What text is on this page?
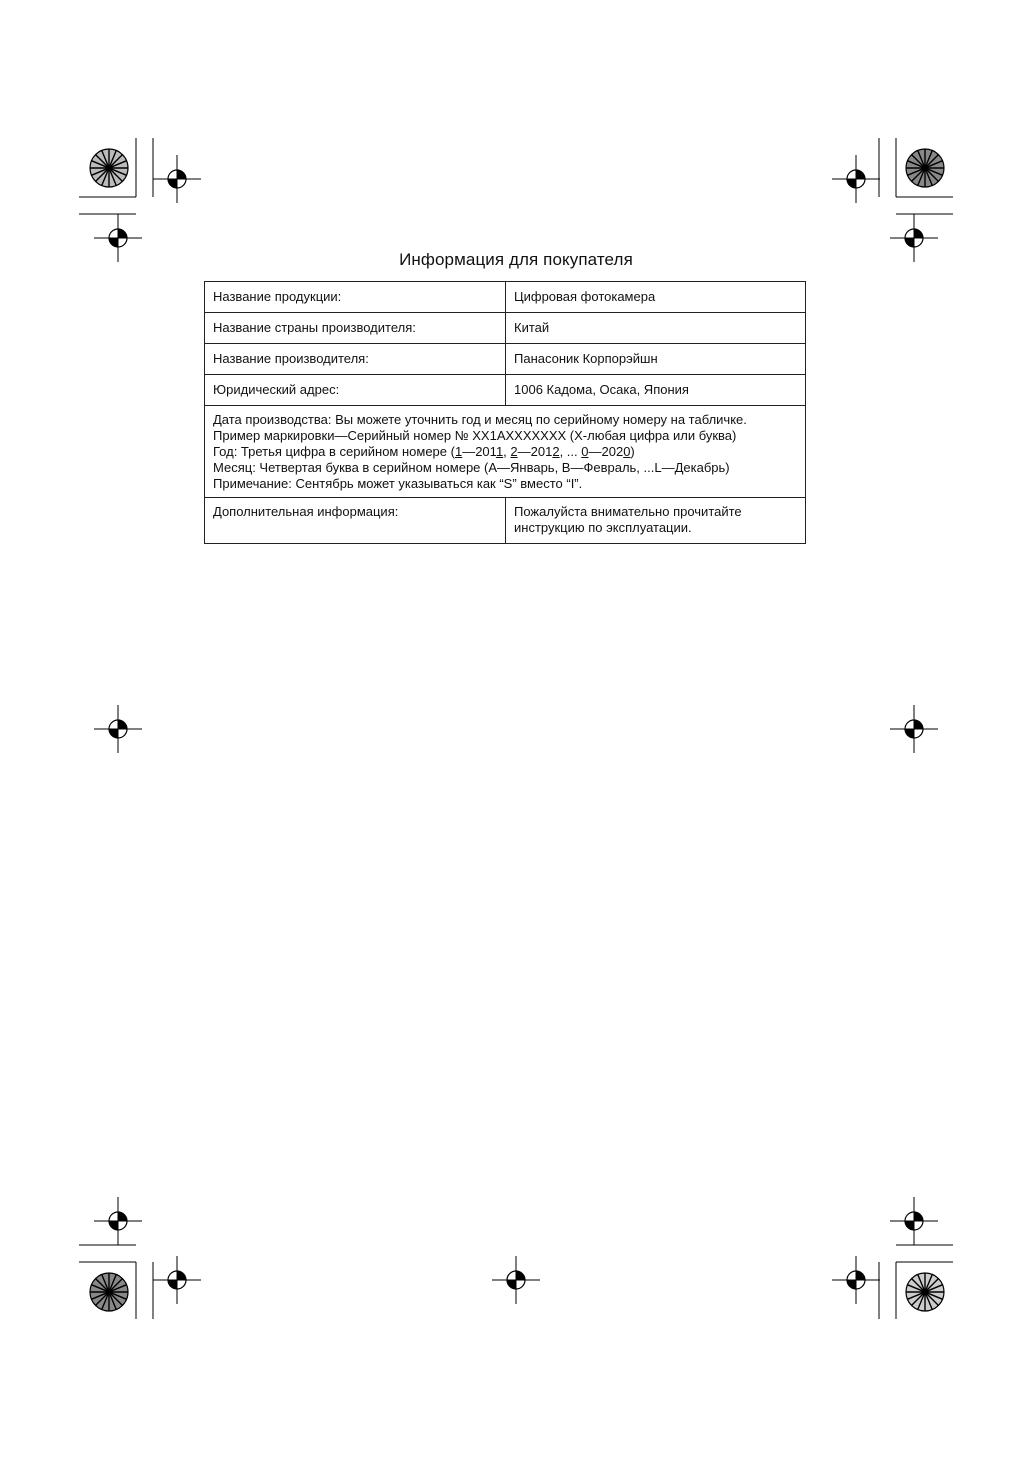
Информация для покупателя
Название продукции:	Цифровая фотокамера
Название страны производителя:	Китай
Название производителя:	Панасоник Корпорэйшн
Юридический адрес:	1006 Кадома, Осака, Япония

Дата производства: Вы можете уточнить год и месяц по серийному номеру на табличке.
Пример маркировки—Серийный номер № XX1AXXXXXXX (X-любая цифра или буква)
Год: Третья цифра в серийном номере (1—2011, 2—2012, ... 0—2020)
Месяц: Четвертая буква в серийном номере (A—Январь, B—Февраль, ...L—Декабрь)
Примечание: Сентябрь может указываться как “S” вместо “I”.	

Дополнительная информация:	Пожалуйста внимательно прочитайте
инструкцию по эксплуатации.
